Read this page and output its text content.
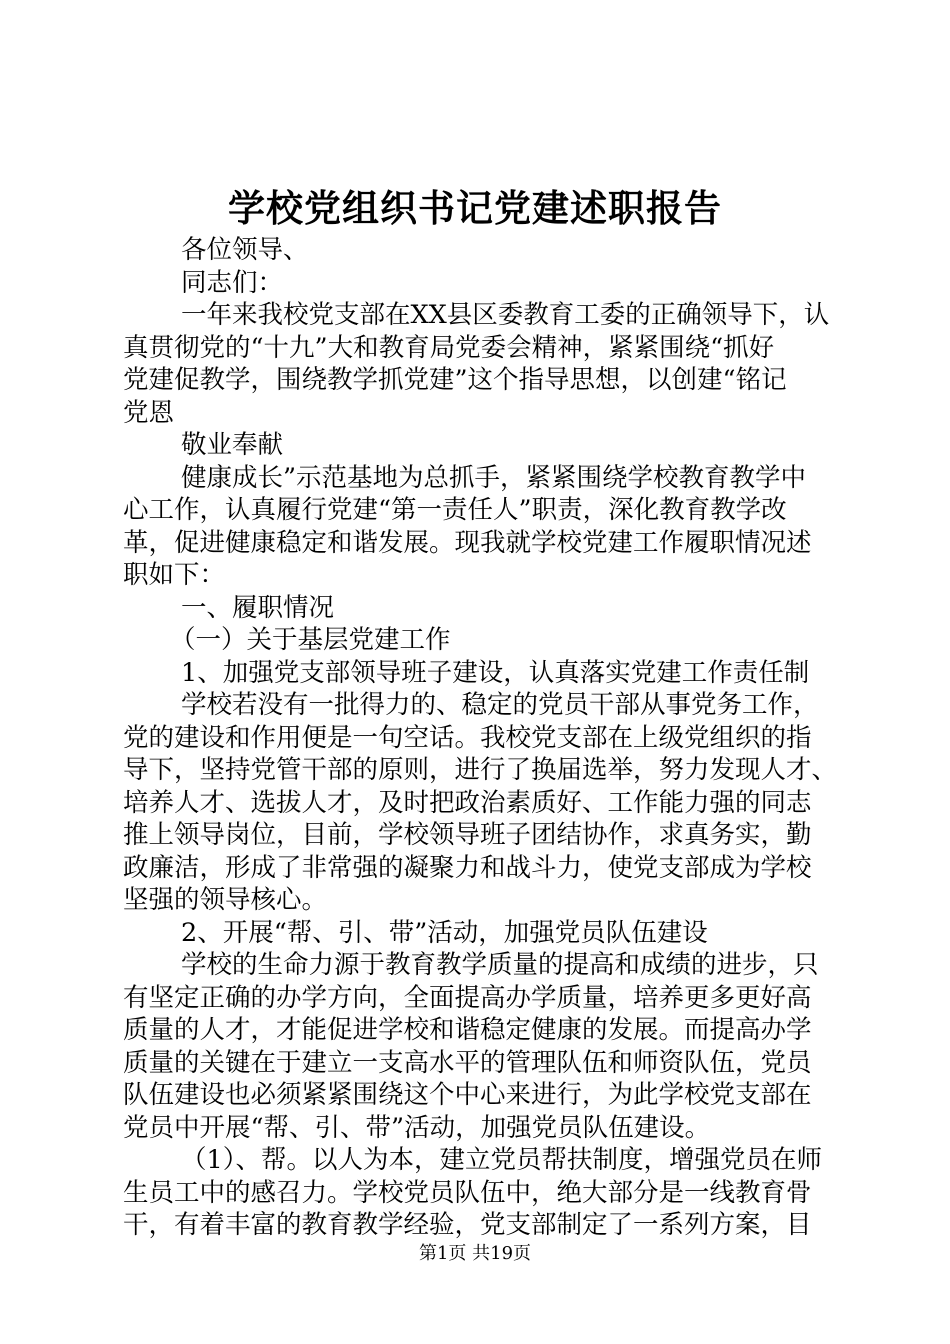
学校党组织书记党建述职报告
各位领导、
同志们：
一年来我校党支部在XX县区委教育工委的正确领导下，认
真贯彻党的“十九”大和教育局党委会精神，紧紧围绕“抓好
党建促教学，围绕教学抓党建”这个指导思想，以创建“铭记
党恩
敬业奉献
健康成长”示范基地为总抓手，紧紧围绕学校教育教学中
心工作，认真履行党建“第一责任人”职责，深化教育教学改
革，促进健康稳定和谐发展。现我就学校党建工作履职情况述
职如下：
一、履职情况
（一）关于基层党建工作
1、加强党支部领导班子建设，认真落实党建工作责任制
学校若没有一批得力的、稳定的党员干部从事党务工作，
党的建设和作用便是一句空话。我校党支部在上级党组织的指
导下，坚持党管干部的原则，进行了换届选举，努力发现人才、
培养人才、选拔人才，及时把政治素质好、工作能力强的同志
推上领导岗位，目前，学校领导班子团结协作，求真务实，勤
政廉洁，形成了非常强的凝聚力和战斗力，使党支部成为学校
坚强的领导核心。
2、开展“帮、引、带”活动，加强党员队伍建设
学校的生命力源于教育教学质量的提高和成绩的进步，只
有坚定正确的办学方向，全面提高办学质量，培养更多更好高
质量的人才，才能促进学校和谐稳定健康的发展。而提高办学
质量的关键在于建立一支高水平的管理队伍和师资队伍，党员
队伍建设也必须紧紧围绕这个中心来进行，为此学校党支部在
党员中开展“帮、引、带”活动，加强党员队伍建设。
（1）、帮。以人为本，建立党员帮扶制度，增强党员在师
生员工中的感召力。学校党员队伍中，绝大部分是一线教育骨
干，有着丰富的教育教学经验，党支部制定了一系列方案，目
第1页 共19页
